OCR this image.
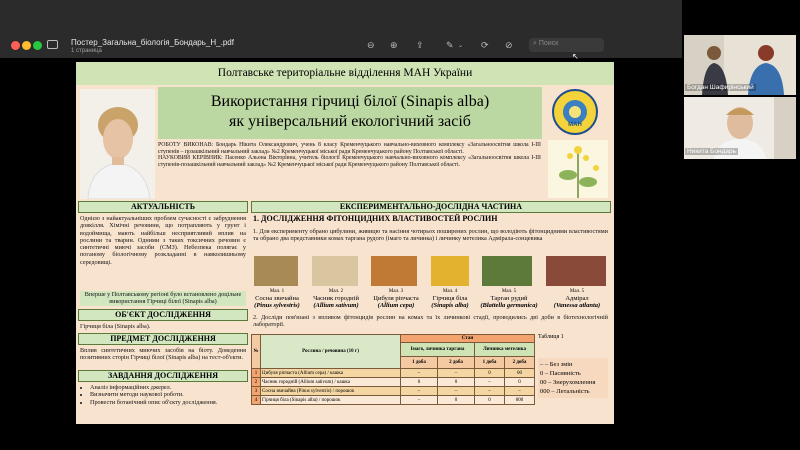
Постер_Загальна_біологія_Бондарь_Н_.pdf
1 страница
⊖ ⊕ ⇪ ✎ ⌄ ⟳ ⊘	⌕ Поиск
↖
Полтавське територіальне відділення МАН України
Використання гірчиці білої (Sinapis alba)
як універсальний екологічний засіб	МАН
РОБОТУ ВИКОНАВ: Бондарь Нікита Олександрович, учень 8 класу Кременчуцького навчально-виховного комплексу «Загальноосвітня школа І-ІІІ ступенів – позашкільний навчальний заклад» №2 Кременчуцької міської ради Кременчуцького району Полтавської області.
НАУКОВИЙ КЕРІВНИК: Пасенко Альона Вікторівна, учитель біології Кременчуцького навчально-виховного комплексу «Загальноосвітня школа І-ІІІ ступенів-позашкільний навчальний заклад» №2 Кременчуцької міської ради Кременчуцького району Полтавської області.
АКТУАЛЬНІСТЬ
Однією з найактуальніших проблем сучасності є забруднення довкілля. Хімічні речовини, що потрапляють у грунт і водоймища, мають найбільш несприятливий вплив на рослини та тварин. Одними з таких токсичних речовин є синтетичні миючі засоби (СМЗ). Небезпека полягає у поганому біологічному розкладанні в навколишньому середовищі.
Вперше у Полтавському регіоні було встановлено доцільне використання Гірчиці білої (Sinapis alba)
ОБ'ЄКТ ДОСЛІДЖЕННЯ
Гірчиця біла (Sinapis alba).
ПРЕДМЕТ ДОСЛІДЖЕННЯ
Вплив синтетичних миючих засобів на біоту. Доведення позитивних сторін Гірчиці білої (Sinapis alba) на тест-об'єкти.
ЗАВДАННЯ ДОСЛІДЖЕННЯ
• Аналіз інформаційних джерел.
• Визначити методи наукової роботи.
• Провести ботанічний опис об'єкту дослідження.
ЕКСПЕРИМЕНТАЛЬНО-ДОСЛІДНА ЧАСТИНА
1. ДОСЛІДЖЕННЯ ФІТОНЦИДНИХ ВЛАСТИВОСТЕЙ РОСЛИН
1. Для експерименту обрано цибулини, живицю та насіння чотирьох поширених рослин, що володіють фітонцидними властивостями та обрано два представники комах таргана рудого (імаго та личинка) і личинку метелика Адмірала-сонцевика
Мал. 1
Сосна звичайна
(Pinus sylvestris)
Мал. 2
Часник городній
(Allium sativum)
Мал. 3
Цибуля ріпчаста
(Allium cepa)
Мал. 4
Гірчиця біла
(Sinapis alba)
Мал. 5
Тарган рудий
(Blattella germanica)
Мал. 5
Адмірал
(Vanessa atlanta)
2. Досліди пов'язані з впливом фітонцидів рослин на комах та їх личинкові стадії, проводились дві доби в біотехнологічній лабораторії.
№	Рослина / речовина (10 г)	Стан			
		Імаго, личинка таргана		Личинка метелика	
		1 доба	2 доба	1 доба	2 доба
1	Цибуля ріпчаста (Allium cepa) / кашка	–	–	0	00
2	Часник городній (Allium sativum) / кашка	0	0	–	0
3	Сосна звичайна (Pinus sylvestris) / порошок	–	–	–	–
4	Гірчиця біла (Sinapis alba) / порошок	–	0	0	000
Таблиця 1
– – Без змін
0 – Пасивність
00 – Знерухомлення
000 – Летальність
Богдан Шафирінський
Никита Бондарь
